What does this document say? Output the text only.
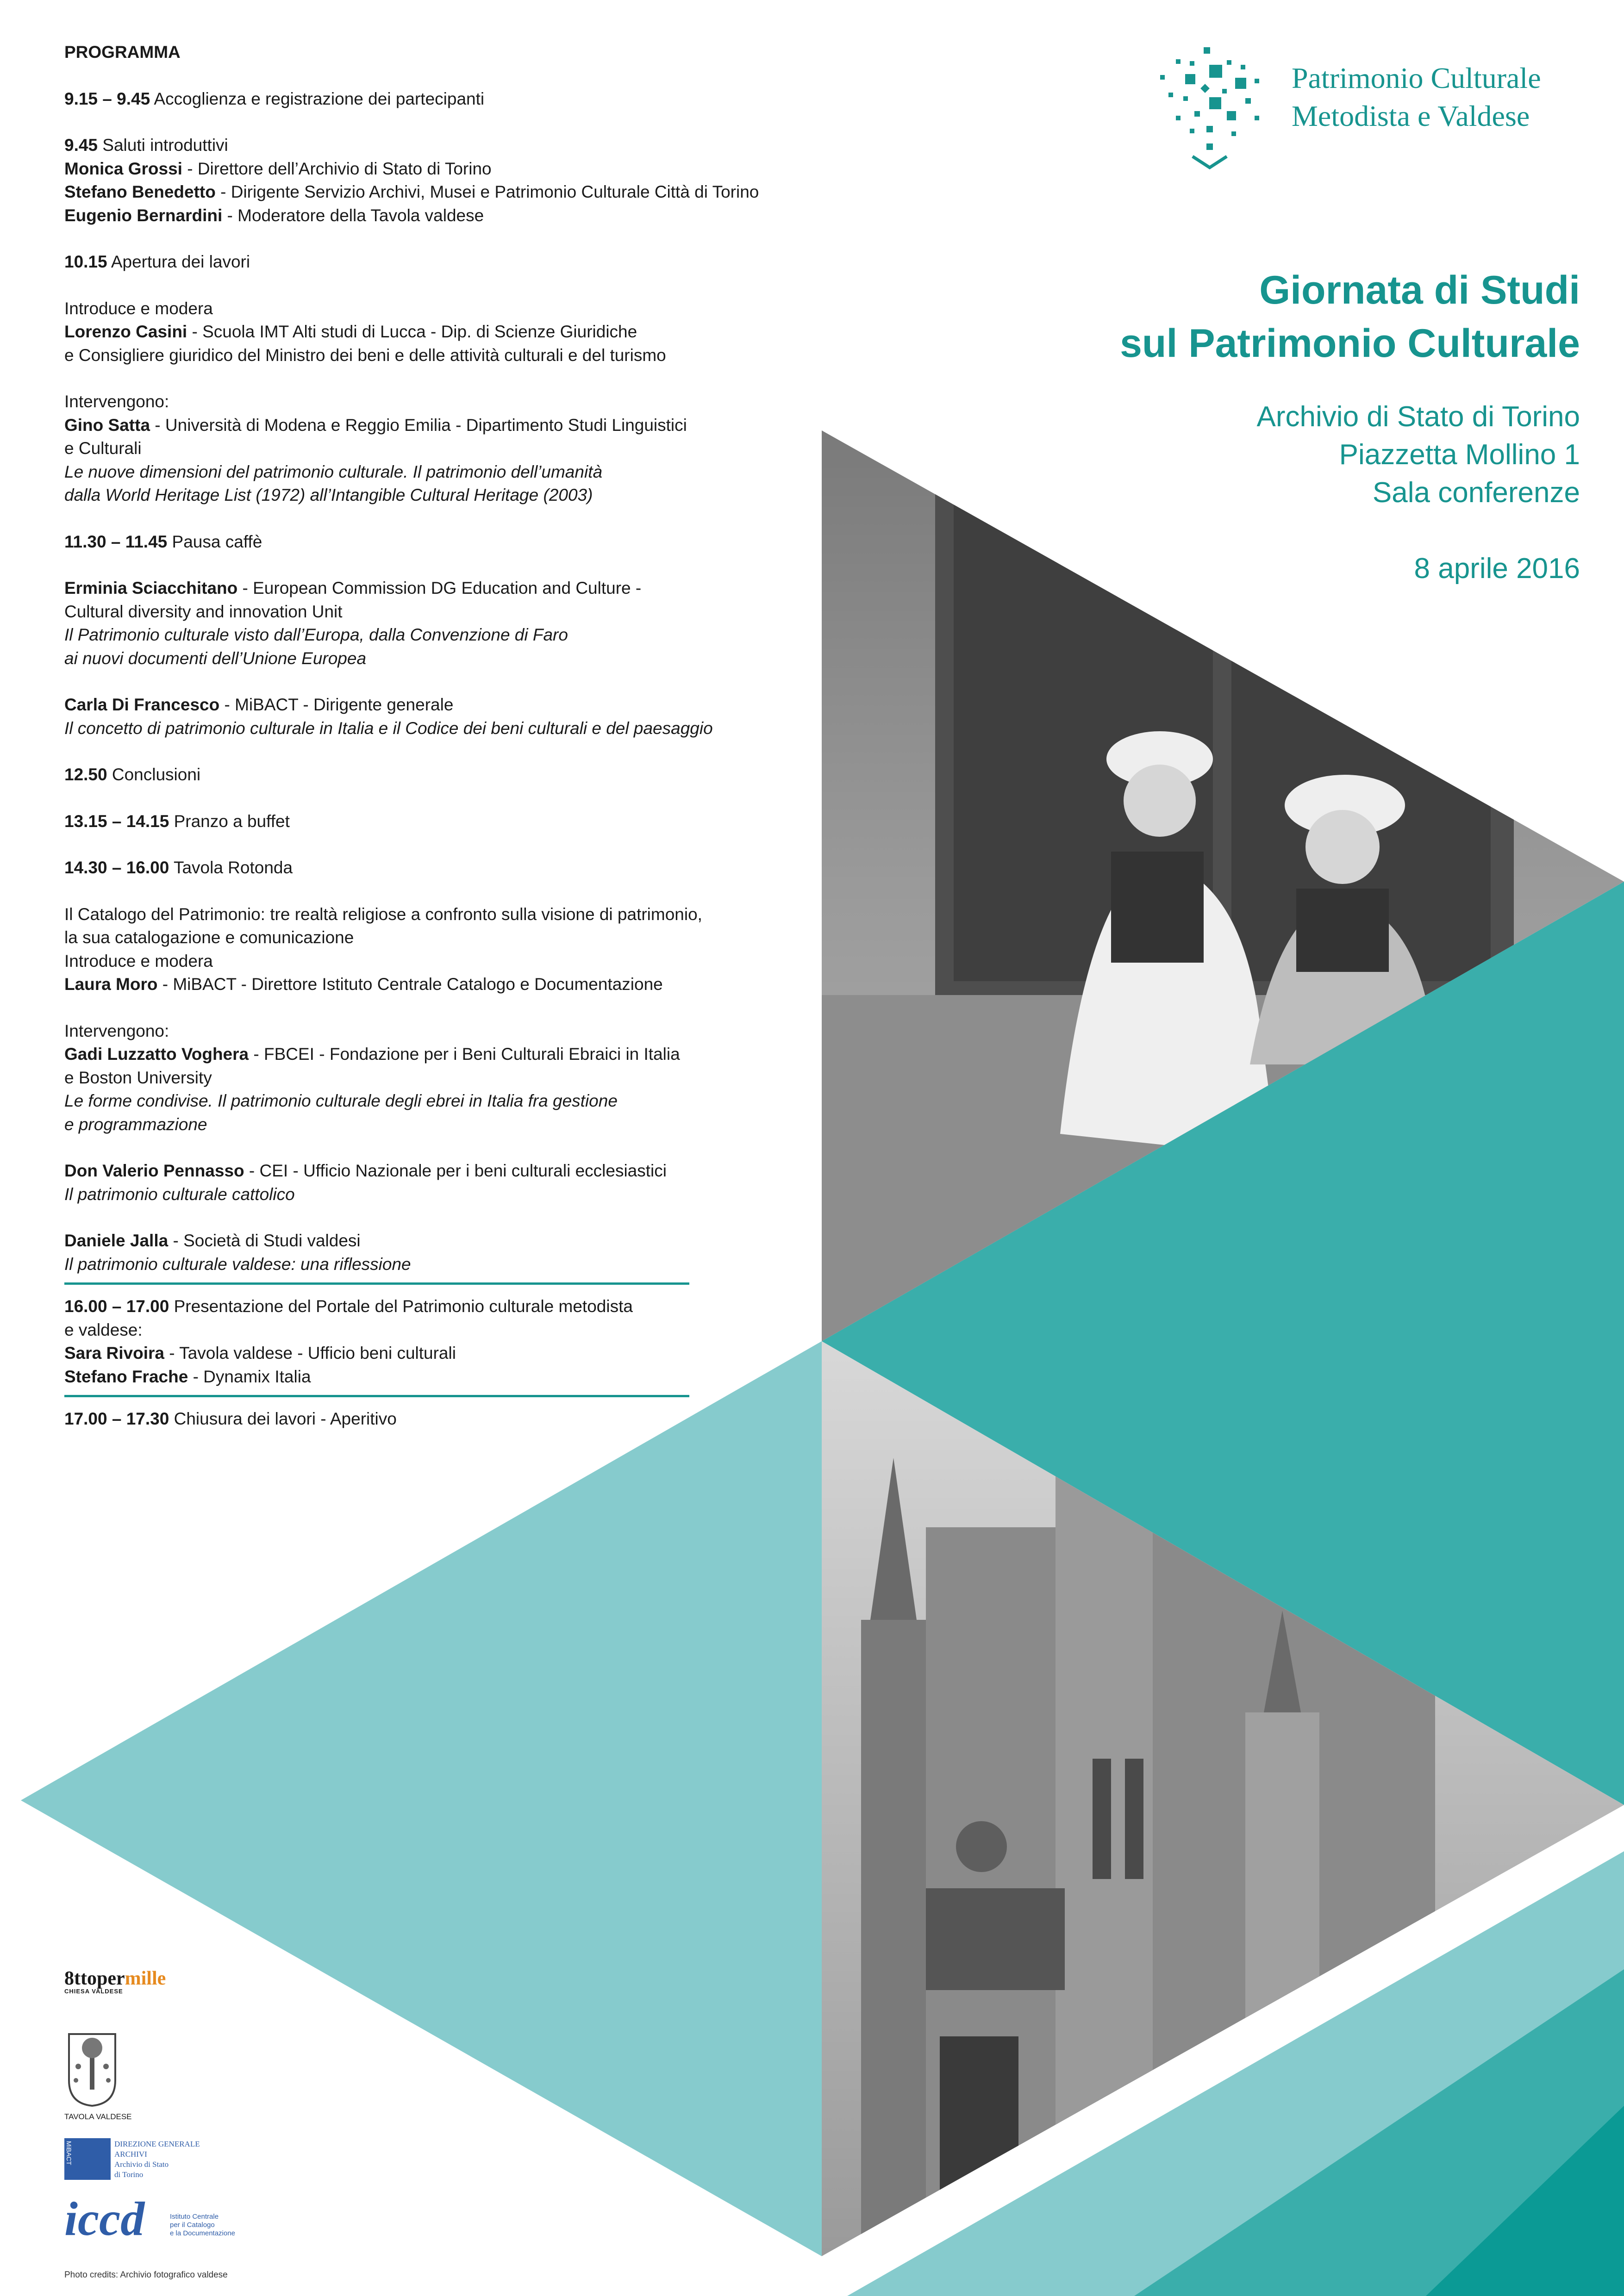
PROGRAMMA
9.15 – 9.45 Accoglienza e registrazione dei partecipanti
9.45 Saluti introduttivi
Monica Grossi - Direttore dell’Archivio di Stato di Torino
Stefano Benedetto - Dirigente Servizio Archivi, Musei e Patrimonio Culturale Città di Torino
Eugenio Bernardini - Moderatore della Tavola valdese
10.15 Apertura dei lavori
Introduce e modera
Lorenzo Casini - Scuola IMT Alti studi di Lucca - Dip. di Scienze Giuridiche
e Consigliere giuridico del Ministro dei beni e delle attività culturali e del turismo
Intervengono:
Gino Satta - Università di Modena e Reggio Emilia - Dipartimento Studi Linguistici
e Culturali
Le nuove dimensioni del patrimonio culturale. Il patrimonio dell’umanità
dalla World Heritage List (1972) all’Intangible Cultural Heritage (2003)
11.30 – 11.45 Pausa caffè
Erminia Sciacchitano - European Commission DG Education and Culture -
Cultural diversity and innovation Unit
Il Patrimonio culturale visto dall’Europa, dalla Convenzione di Faro
ai nuovi documenti dell’Unione Europea
Carla Di Francesco - MiBACT - Dirigente generale
Il concetto di patrimonio culturale in Italia e il Codice dei beni culturali e del paesaggio
12.50 Conclusioni
13.15 – 14.15 Pranzo a buffet
14.30 – 16.00 Tavola Rotonda
Il Catalogo del Patrimonio: tre realtà religiose a confronto sulla visione di patrimonio,
la sua catalogazione e comunicazione
Introduce e modera
Laura Moro - MiBACT - Direttore Istituto Centrale Catalogo e Documentazione
Intervengono:
Gadi Luzzatto Voghera - FBCEI - Fondazione per i Beni Culturali Ebraici in Italia
e Boston University
Le forme condivise. Il patrimonio culturale degli ebrei in Italia fra gestione
e programmazione
Don Valerio Pennasso - CEI - Ufficio Nazionale per i beni culturali ecclesiastici
Il patrimonio culturale cattolico
Daniele Jalla - Società di Studi valdesi
Il patrimonio culturale valdese: una riflessione
16.00 – 17.00 Presentazione del Portale del Patrimonio culturale metodista
e valdese:
Sara Rivoira - Tavola valdese - Ufficio beni culturali
Stefano Frache - Dynamix Italia
17.00 – 17.30 Chiusura dei lavori - Aperitivo
Patrimonio Culturale
Metodista e Valdese
Giornata di Studi
sul Patrimonio Culturale
Archivio di Stato di Torino
Piazzetta Mollino 1
Sala conferenze
8 aprile 2016
8ttopermille
CHIESA VALDESE
TAVOLA VALDESE
MiBACT	DIREZIONE GENERALE
ARCHIVI
Archivio di Stato
di Torino
iccd	Istituto Centrale
per il Catalogo
e la Documentazione
Photo credits: Archivio fotografico valdese
